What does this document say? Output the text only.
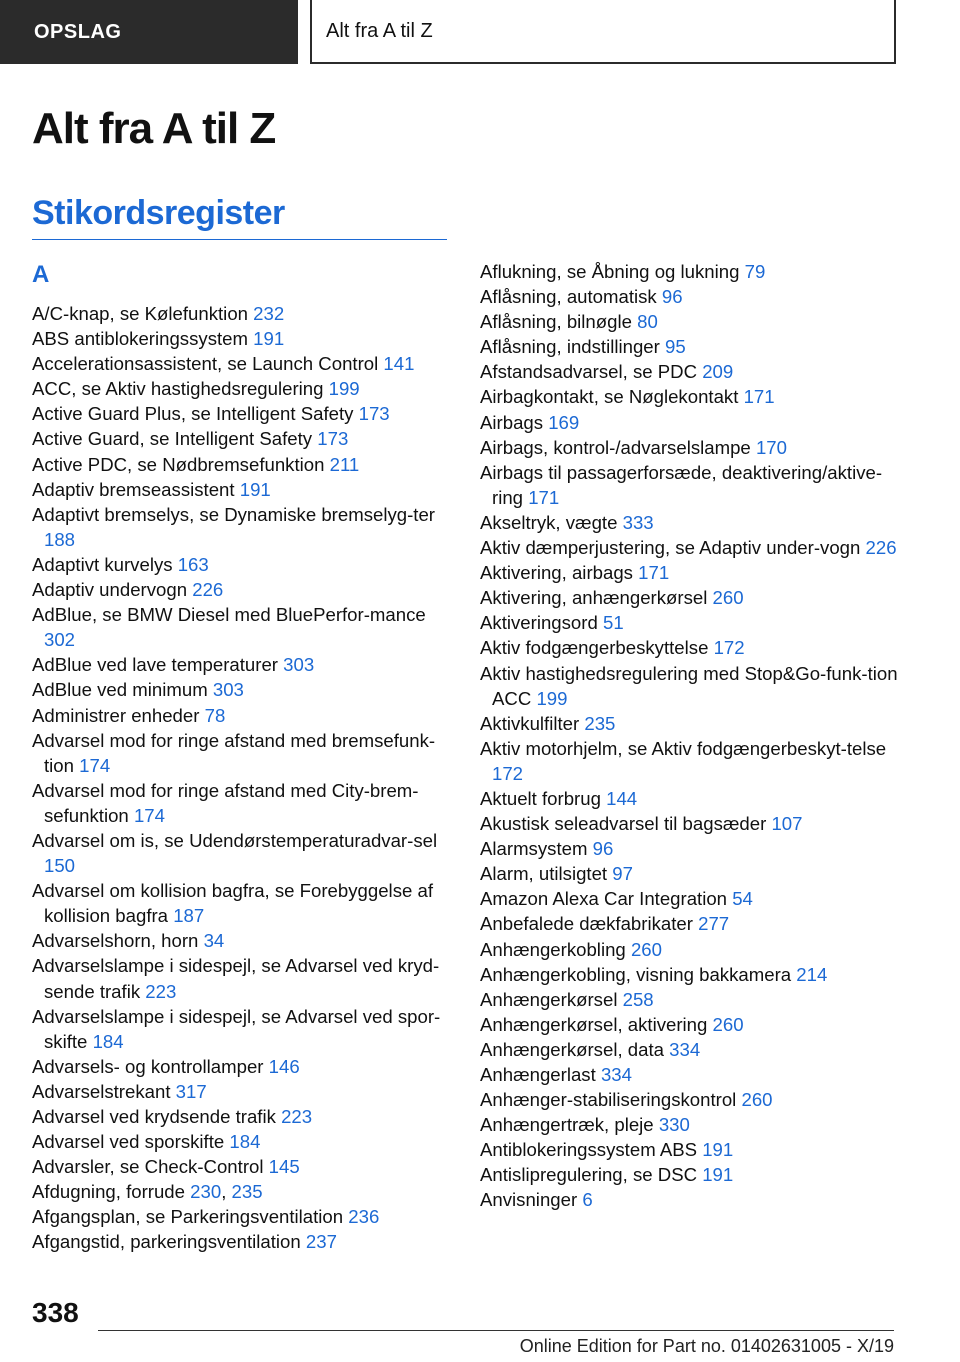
OPSLAG	Alt fra A til Z
Alt fra A til Z
Stikordsregister
A

A/C-knap, se Kølefunktion 232

ABS antiblokeringssystem 191

Accelerationsassistent, se Launch Control 141

ACC, se Aktiv hastighedsregulering 199

Active Guard Plus, se Intelligent Safety 173

Active Guard, se Intelligent Safety 173

Active PDC, se Nødbremsefunktion 211

Adaptiv bremseassistent 191

Adaptivt bremselys, se Dynamiske bremselyg-ter 188

Adaptivt kurvelys 163

Adaptiv undervogn 226

AdBlue, se BMW Diesel med BluePerfor-mance 302

AdBlue ved lave temperaturer 303

AdBlue ved minimum 303

Administrer enheder 78

Advarsel mod for ringe afstand med bremsefunk-tion 174

Advarsel mod for ringe afstand med City-brem-sefunktion 174

Advarsel om is, se Udendørstemperaturadvar-sel 150

Advarsel om kollision bagfra, se Forebyggelse af kollision bagfra 187

Advarselshorn, horn 34

Advarselslampe i sidespejl, se Advarsel ved kryd-sende trafik 223

Advarselslampe i sidespejl, se Advarsel ved spor-skifte 184

Advarsels- og kontrollamper 146

Advarselstrekant 317

Advarsel ved krydsende trafik 223

Advarsel ved sporskifte 184

Advarsler, se Check-Control 145

Afdugning, forrude 230, 235

Afgangsplan, se Parkeringsventilation 236

Afgangstid, parkeringsventilation 237

Aflukning, se Åbning og lukning 79

Aflåsning, automatisk 96

Aflåsning, bilnøgle 80

Aflåsning, indstillinger 95

Afstandsadvarsel, se PDC 209

Airbagkontakt, se Nøglekontakt 171

Airbags 169

Airbags, kontrol-/advarselslampe 170

Airbags til passagerforsæde, deaktivering/aktive-ring 171

Akseltryk, vægte 333

Aktiv dæmperjustering, se Adaptiv under-vogn 226

Aktivering, airbags 171

Aktivering, anhængerkørsel 260

Aktiveringsord 51

Aktiv fodgængerbeskyttelse 172

Aktiv hastighedsregulering med Stop&Go-funk-tion ACC 199

Aktivkulfilter 235

Aktiv motorhjelm, se Aktiv fodgængerbeskyt-telse 172

Aktuelt forbrug 144

Akustisk seleadvarsel til bagsæder 107

Alarmsystem 96

Alarm, utilsigtet 97

Amazon Alexa Car Integration 54

Anbefalede dækfabrikater 277

Anhængerkobling 260

Anhængerkobling, visning bakkamera 214

Anhængerkørsel 258

Anhængerkørsel, aktivering 260

Anhængerkørsel, data 334

Anhængerlast 334

Anhænger-stabiliseringskontrol 260

Anhængertræk, pleje 330

Antiblokeringssystem ABS 191

Antislipregulering, se DSC 191

Anvisninger 6

338
Online Edition for Part no. 01402631005 - X/19
